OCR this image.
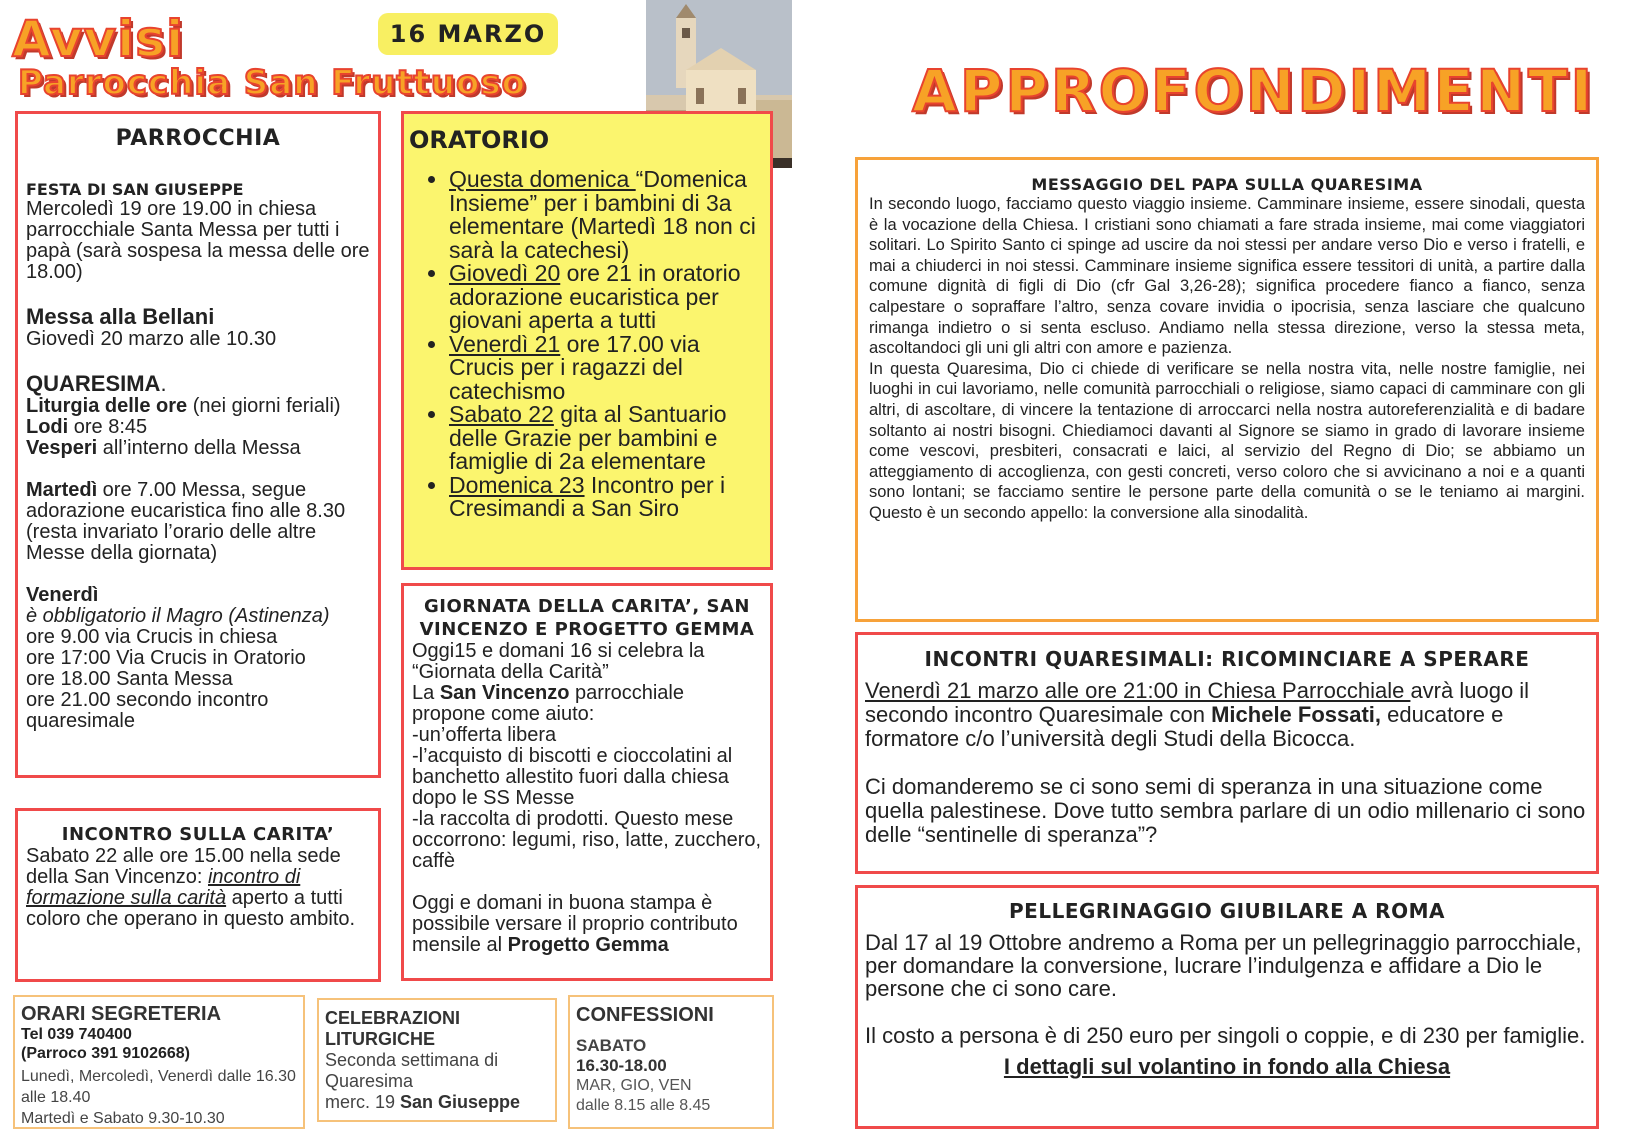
Avvisi
Parrocchia San Fruttuoso
16 MARZO
PARROCCHIA
FESTA DI SAN GIUSEPPE

Mercoledì 19 ore 19.00 in chiesa parrocchiale Santa Messa per tutti i papà (sarà sospesa la messa delle ore 18.00)

Messa alla Bellani

Giovedì 20 marzo alle 10.30

QUARESIMA.

Liturgia delle ore (nei giorni feriali)

Lodi ore 8:45

Vesperi all’interno della Messa

Martedì ore 7.00 Messa, segue adorazione eucaristica fino alle 8.30 (resta invariato l’orario delle altre Messe della giornata)

Venerdì

è obbligatorio il Magro (Astinenza)

ore 9.00 via Crucis in chiesa

ore 17:00 Via Crucis in Oratorio

ore 18.00 Santa Messa

ore 21.00 secondo incontro quaresimale

ORATORIO
• Questa domenica “Domenica Insieme” per i bambini di 3a elementare (Martedì 18 non ci sarà la catechesi)
• Giovedì 20 ore 21 in oratorio adorazione eucaristica per giovani aperta a tutti
• Venerdì 21 ore 17.00 via Crucis per i ragazzi del catechismo
• Sabato 22 gita al Santuario delle Grazie per bambini e famiglie di 2a elementare
• Domenica 23 Incontro per i Cresimandi a San Siro
GIORNATA DELLA CARITA’, SAN VINCENZO E PROGETTO GEMMA

Oggi15 e domani 16 si celebra la “Giornata della Carità”

La San Vincenzo parrocchiale propone come aiuto:

-un’offerta libera

-l’acquisto di biscotti e cioccolatini al banchetto allestito fuori dalla chiesa dopo le SS Messe

-la raccolta di prodotti. Questo mese occorrono: legumi, riso, latte, zucchero, caffè

Oggi e domani in buona stampa è possibile versare il proprio contributo mensile al Progetto Gemma

INCONTRO SULLA CARITA’

Sabato 22 alle ore 15.00 nella sede della San Vincenzo: incontro di formazione sulla carità aperto a tutti coloro che operano in questo ambito.

ORARI SEGRETERIA
Tel 039 740400
(Parroco 391 9102668)
Lunedì, Mercoledì, Venerdì dalle 16.30 alle 18.40
Martedì e Sabato 9.30-10.30
CELEBRAZIONI LITURGICHE
Seconda settimana di Quaresima
merc. 19 San Giuseppe
CONFESSIONI
SABATO
16.30-18.00
MAR, GIO, VEN
dalle 8.15 alle 8.45
APPROFONDIMENTI
MESSAGGIO DEL PAPA SULLA QUARESIMA

In secondo luogo, facciamo questo viaggio insieme. Camminare insieme, essere sinodali, questa è la vocazione della Chiesa. I cristiani sono chiamati a fare strada insieme, mai come viaggiatori solitari. Lo Spirito Santo ci spinge ad uscire da noi stessi per andare verso Dio e verso i fratelli, e mai a chiuderci in noi stessi. Camminare insieme significa essere tessitori di unità, a partire dalla comune dignità di figli di Dio (cfr Gal 3,26-28); significa procedere fianco a fianco, senza calpestare o sopraffare l’altro, senza covare invidia o ipocrisia, senza lasciare che qualcuno rimanga indietro o si senta escluso. Andiamo nella stessa direzione, verso la stessa meta, ascoltandoci gli uni gli altri con amore e pazienza.

In questa Quaresima, Dio ci chiede di verificare se nella nostra vita, nelle nostre famiglie, nei luoghi in cui lavoriamo, nelle comunità parrocchiali o religiose, siamo capaci di camminare con gli altri, di ascoltare, di vincere la tentazione di arroccarci nella nostra autoreferenzialità e di badare soltanto ai nostri bisogni. Chiediamoci davanti al Signore se siamo in grado di lavorare insieme come vescovi, presbiteri, consacrati e laici, al servizio del Regno di Dio; se abbiamo un atteggiamento di accoglienza, con gesti concreti, verso coloro che si avvicinano a noi e a quanti sono lontani; se facciamo sentire le persone parte della comunità o se le teniamo ai margini. Questo è un secondo appello: la conversione alla sinodalità.

INCONTRI QUARESIMALI: RICOMINCIARE A SPERARE

Venerdì 21 marzo alle ore 21:00 in Chiesa Parrocchiale avrà luogo il secondo incontro Quaresimale con Michele Fossati, educatore e formatore c/o l’università degli Studi della Bicocca.

Ci domanderemo se ci sono semi di speranza in una situazione come quella palestinese. Dove tutto sembra parlare di un odio millenario ci sono delle “sentinelle di speranza”?

PELLEGRINAGGIO GIUBILARE A ROMA

Dal 17 al 19 Ottobre andremo a Roma per un pellegrinaggio parrocchiale, per domandare la conversione, lucrare l’indulgenza e affidare a Dio le persone che ci sono care.

Il costo a persona è di 250 euro per singoli o coppie, e di 230 per famiglie.

I dettagli sul volantino in fondo alla Chiesa
